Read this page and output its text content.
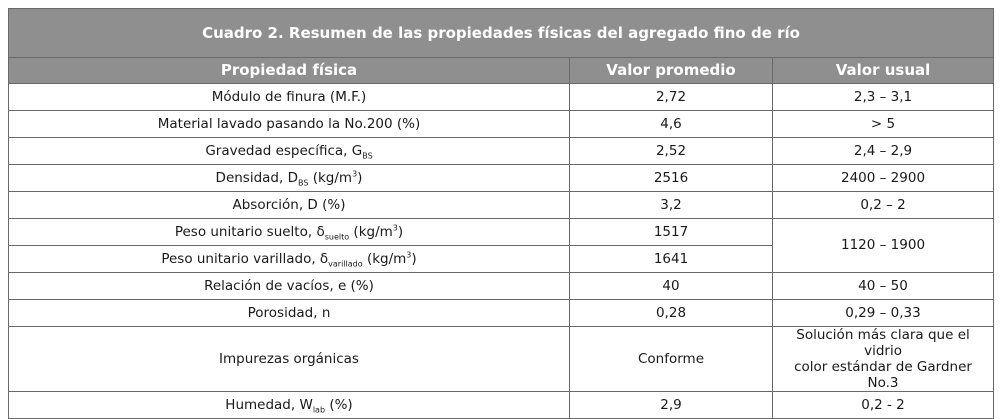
Cuadro 2. Resumen de las propiedades físicas del agregado fino de río		
Propiedad física	Valor promedio	Valor usual
Módulo de finura (M.F.)	2,72	2,3 – 3,1
Material lavado pasando la No.200 (%)	4,6	> 5
Gravedad específica, $G_{BS}$	2,52	2,4 – 2,9
Densidad, $D_{BS}$ $(kg/m^3)$	2516	2400 – 2900
Absorción, D (%)	3,2	0,2 – 2
Peso unitario suelto, $\delta_{suelto}$ $(kg/m^3)$	1517	1120 – 1900
Peso unitario varillado, $\delta_{varillado}$ $(kg/m^3)$	1641	
Relación de vacíos, e (%)	40	40 – 50
Porosidad, n	0,28	0,29 – 0,33
Impurezas orgánicas	Conforme	Solución más clara que el vidrio
color estándar de Gardner No.3
Humedad, $W_{lab}$ (%)	2,9	0,2 - 2
